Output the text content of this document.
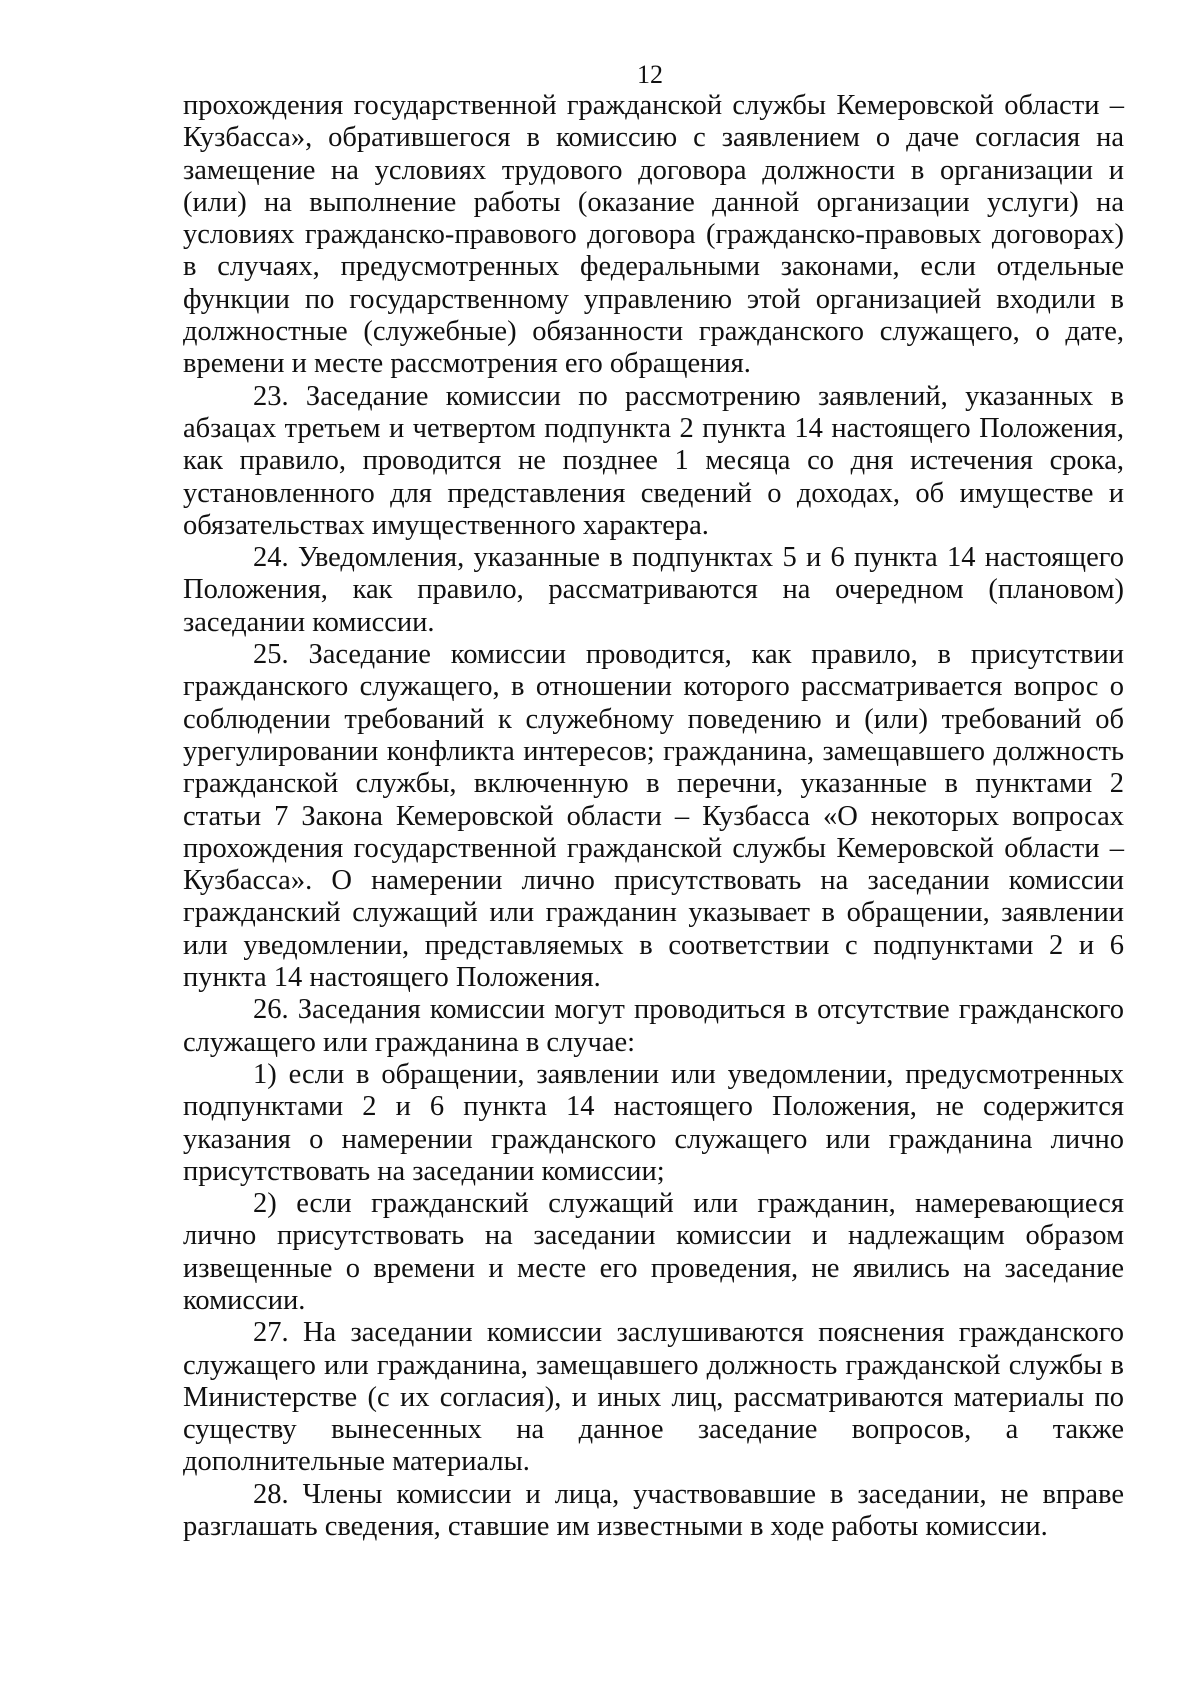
12

прохождения государственной гражданской службы Кемеровской области – Кузбасса», обратившегося в комиссию с заявлением о даче согласия на замещение на условиях трудового договора должности в организации и (или) на выполнение работы (оказание данной организации услуги) на условиях гражданско-правового договора (гражданско-правовых договорах) в случаях, предусмотренных федеральными законами, если отдельные функции по государственному управлению этой организацией входили в должностные (служебные) обязанности гражданского служащего, о дате, времени и месте рассмотрения его обращения.

23. Заседание комиссии по рассмотрению заявлений, указанных в абзацах третьем и четвертом подпункта 2 пункта 14 настоящего Положения, как правило, проводится не позднее 1 месяца со дня истечения срока, установленного для представления сведений о доходах, об имуществе и обязательствах имущественного характера.

24. Уведомления, указанные в подпунктах 5 и 6 пункта 14 настоящего Положения, как правило, рассматриваются на очередном (плановом) заседании комиссии.

25. Заседание комиссии проводится, как правило, в присутствии гражданского служащего, в отношении которого рассматривается вопрос о соблюдении требований к служебному поведению и (или) требований об урегулировании конфликта интересов; гражданина, замещавшего должность гражданской службы, включенную в перечни, указанные в пунктами 2 статьи 7 Закона Кемеровской области – Кузбасса «О некоторых вопросах прохождения государственной гражданской службы Кемеровской области – Кузбасса». О намерении лично присутствовать на заседании комиссии гражданский служащий или гражданин указывает в обращении, заявлении или уведомлении, представляемых в соответствии с подпунктами 2 и 6 пункта 14 настоящего Положения.

26. Заседания комиссии могут проводиться в отсутствие гражданского служащего или гражданина в случае:

1) если в обращении, заявлении или уведомлении, предусмотренных подпунктами 2 и 6 пункта 14 настоящего Положения, не содержится указания о намерении гражданского служащего или гражданина лично присутствовать на заседании комиссии;

2) если гражданский служащий или гражданин, намеревающиеся лично присутствовать на заседании комиссии и надлежащим образом извещенные о времени и месте его проведения, не явились на заседание комиссии.

27. На заседании комиссии заслушиваются пояснения гражданского служащего или гражданина, замещавшего должность гражданской службы в Министерстве (с их согласия), и иных лиц, рассматриваются материалы по существу вынесенных на данное заседание вопросов, а также дополнительные материалы.

28. Члены комиссии и лица, участвовавшие в заседании, не вправе разглашать сведения, ставшие им известными в ходе работы комиссии.
